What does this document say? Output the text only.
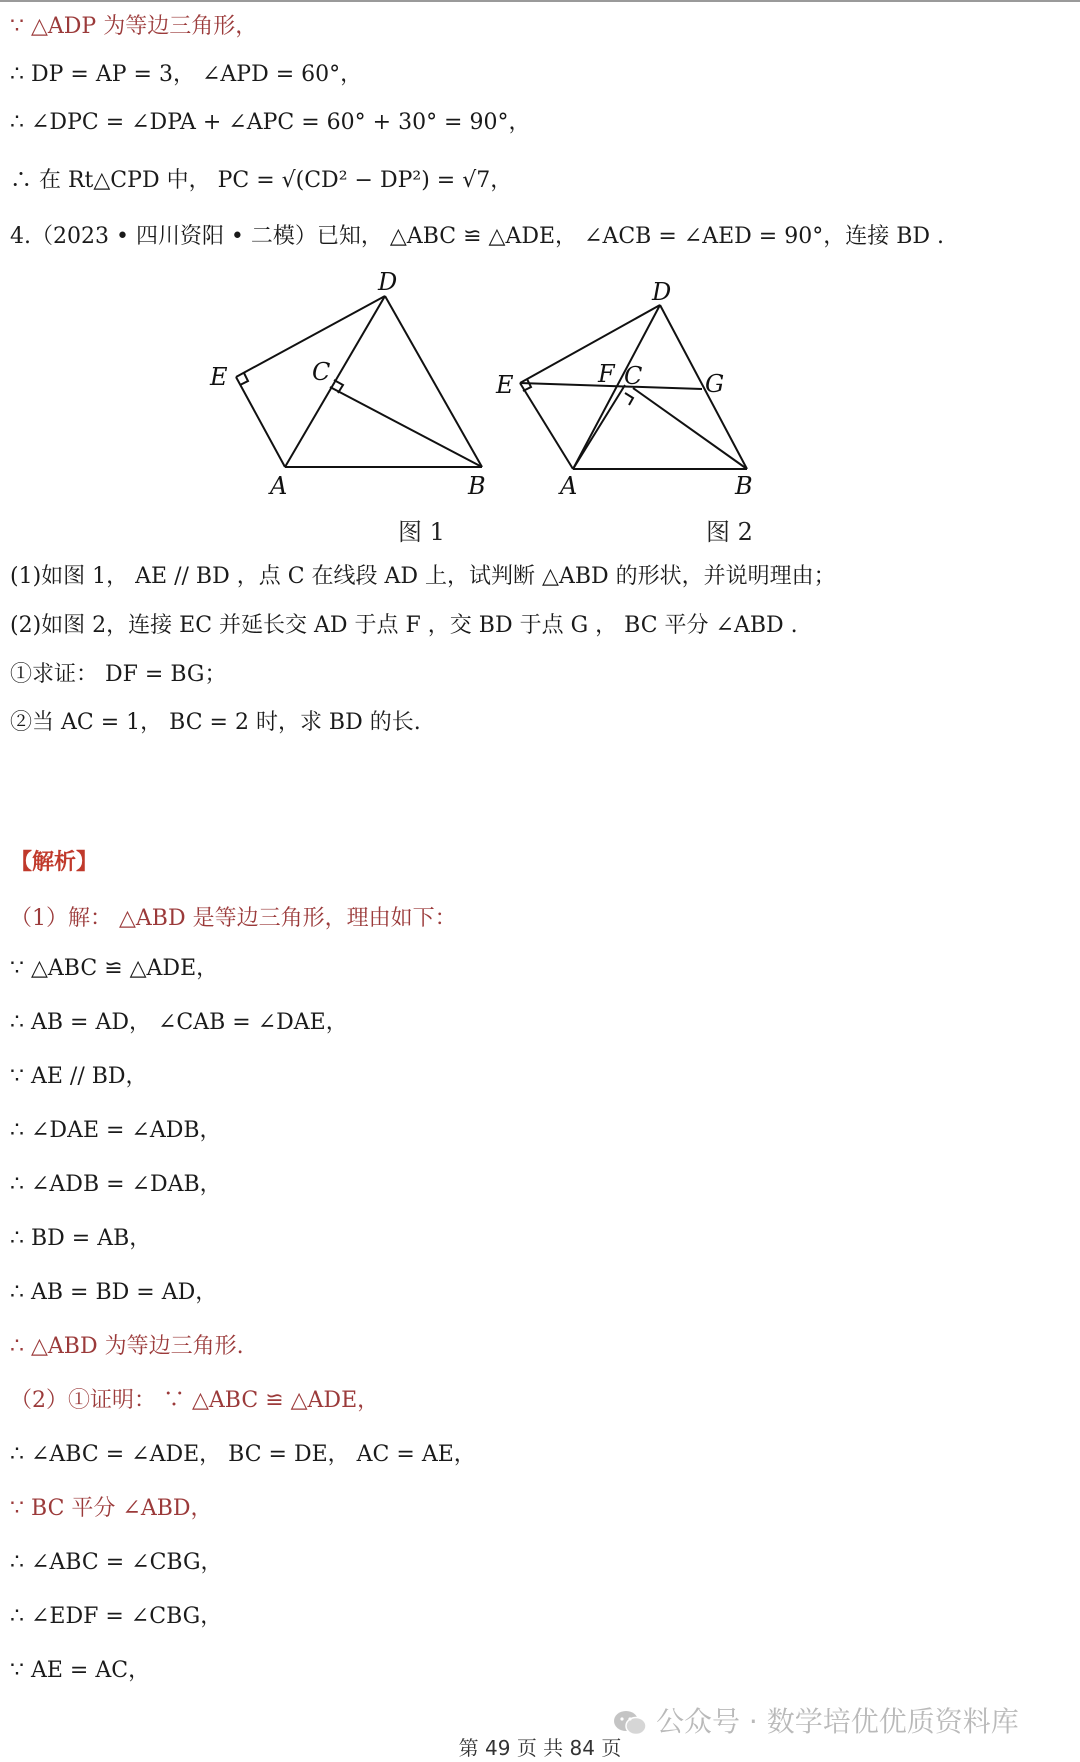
∵ △ADP 为等边三角形，
∴ DP = AP = 3， ∠APD = 60°，
∴ ∠DPC = ∠DPA + ∠APC = 60° + 30° = 90°，
∴ 在 Rt△CPD 中， PC = √(CD² − DP²) = √7，
4.（2023 • 四川资阳 • 二模）已知， △ABC ≌ △ADE， ∠ACB = ∠AED = 90°，连接 BD .
D
E	C
A	B
图 1
D
E	F C	G
A	B
图 2
(1)如图 1， AE // BD ，点 C 在线段 AD 上，试判断 △ABD 的形状，并说明理由；
(2)如图 2，连接 EC 并延长交 AD 于点 F ，交 BD 于点 G ， BC 平分 ∠ABD .
①求证： DF = BG；
②当 AC = 1， BC = 2 时，求 BD 的长.
【解析】
（1）解： △ABD 是等边三角形，理由如下：
∵ △ABC ≌ △ADE，
∴ AB = AD， ∠CAB = ∠DAE，
∵ AE // BD，
∴ ∠DAE = ∠ADB，
∴ ∠ADB = ∠DAB，
∴ BD = AB，
∴ AB = BD = AD，
∴ △ABD 为等边三角形.
（2）①证明： ∵ △ABC ≌ △ADE，
∴ ∠ABC = ∠ADE， BC = DE， AC = AE，
∵ BC 平分 ∠ABD，
∴ ∠ABC = ∠CBG，
∴ ∠EDF = ∠CBG，
∵ AE = AC，
公众号 · 数学培优优质资料库
第 49 页 共 84 页
